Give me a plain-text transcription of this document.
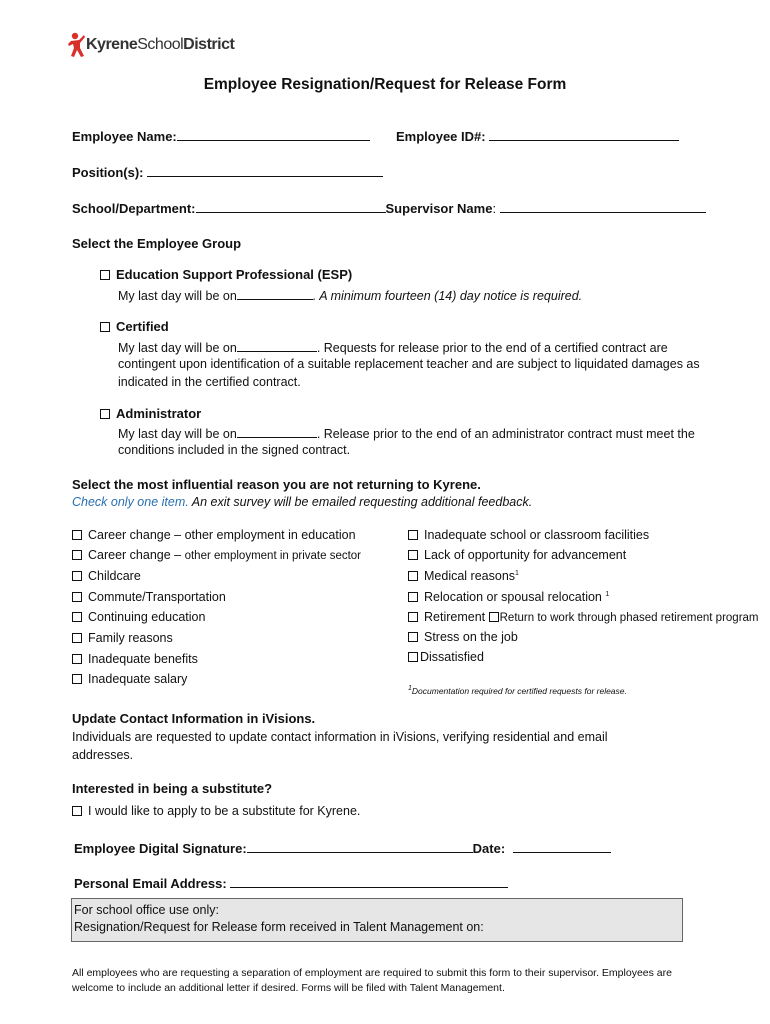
KyreneSchoolDistrict
Employee Resignation/Request for Release Form
Employee Name:	Employee ID#:
Position(s):
School/Department:	Supervisor Name:
Select the Employee Group
Education Support Professional (ESP)
My last day will be on	. A minimum fourteen (14) day notice is required.
Certified
My last day will be on	. Requests for release prior to the end of a certified contract are
contingent upon identification of a suitable replacement teacher and are subject to liquidated damages as
indicated in the certified contract.
Administrator
My last day will be on	. Release prior to the end of an administrator contract must meet the
conditions included in the signed contract.
Select the most influential reason you are not returning to Kyrene.
Check only one item. An exit survey will be emailed requesting additional feedback.
Career change – other employment in education
Career change – other employment in private sector
Childcare
Commute/Transportation
Continuing education
Family reasons
Inadequate benefits
Inadequate salary
Inadequate school or classroom facilities
Lack of opportunity for advancement
Medical reasons$^1$
Relocation or spousal relocation $^1$
Retirement Return to work through phased retirement program
Stress on the job
Dissatisfied
$^1$Documentation required for certified requests for release.
Update Contact Information in iVisions.
Individuals are requested to update contact information in iVisions, verifying residential and email
addresses.
Interested in being a substitute?
I would like to apply to be a substitute for Kyrene.
Employee Digital Signature:	Date:
Personal Email Address:
For school office use only:
Resignation/Request for Release form received in Talent Management on:
All employees who are requesting a separation of employment are required to submit this form to their supervisor. Employees are
welcome to include an additional letter if desired. Forms will be filed with Talent Management.
